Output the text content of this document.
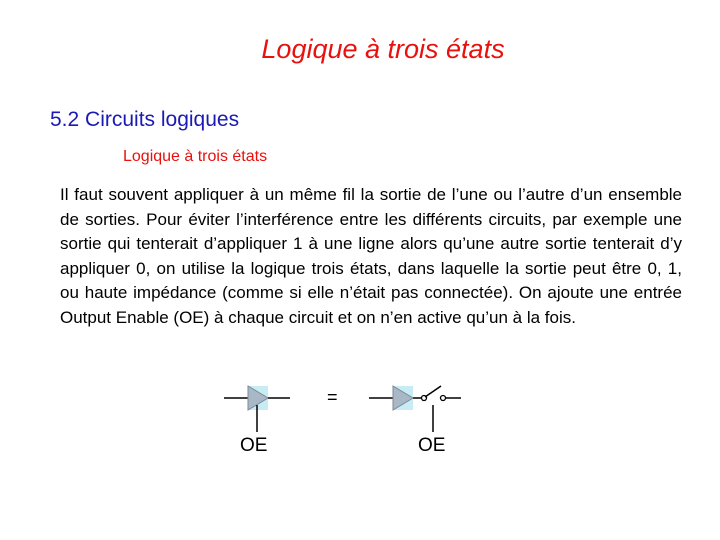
Logique à trois états
5.2 Circuits logiques
Logique à trois états

Il faut souvent appliquer à un même fil la sortie de l’une ou l’autre d’un ensemble de sorties. Pour éviter l’interférence entre les différents circuits, par exemple une sortie qui tenterait d’appliquer 1 à une ligne alors qu’une autre sortie tenterait d’y appliquer 0, on utilise la logique trois états, dans laquelle la sortie peut être 0, 1, ou haute impédance (comme si elle n’était pas connectée). On ajoute une entrée Output Enable (OE) à chaque circuit et on n’en active qu’un à la fois.

OE
=
OE
